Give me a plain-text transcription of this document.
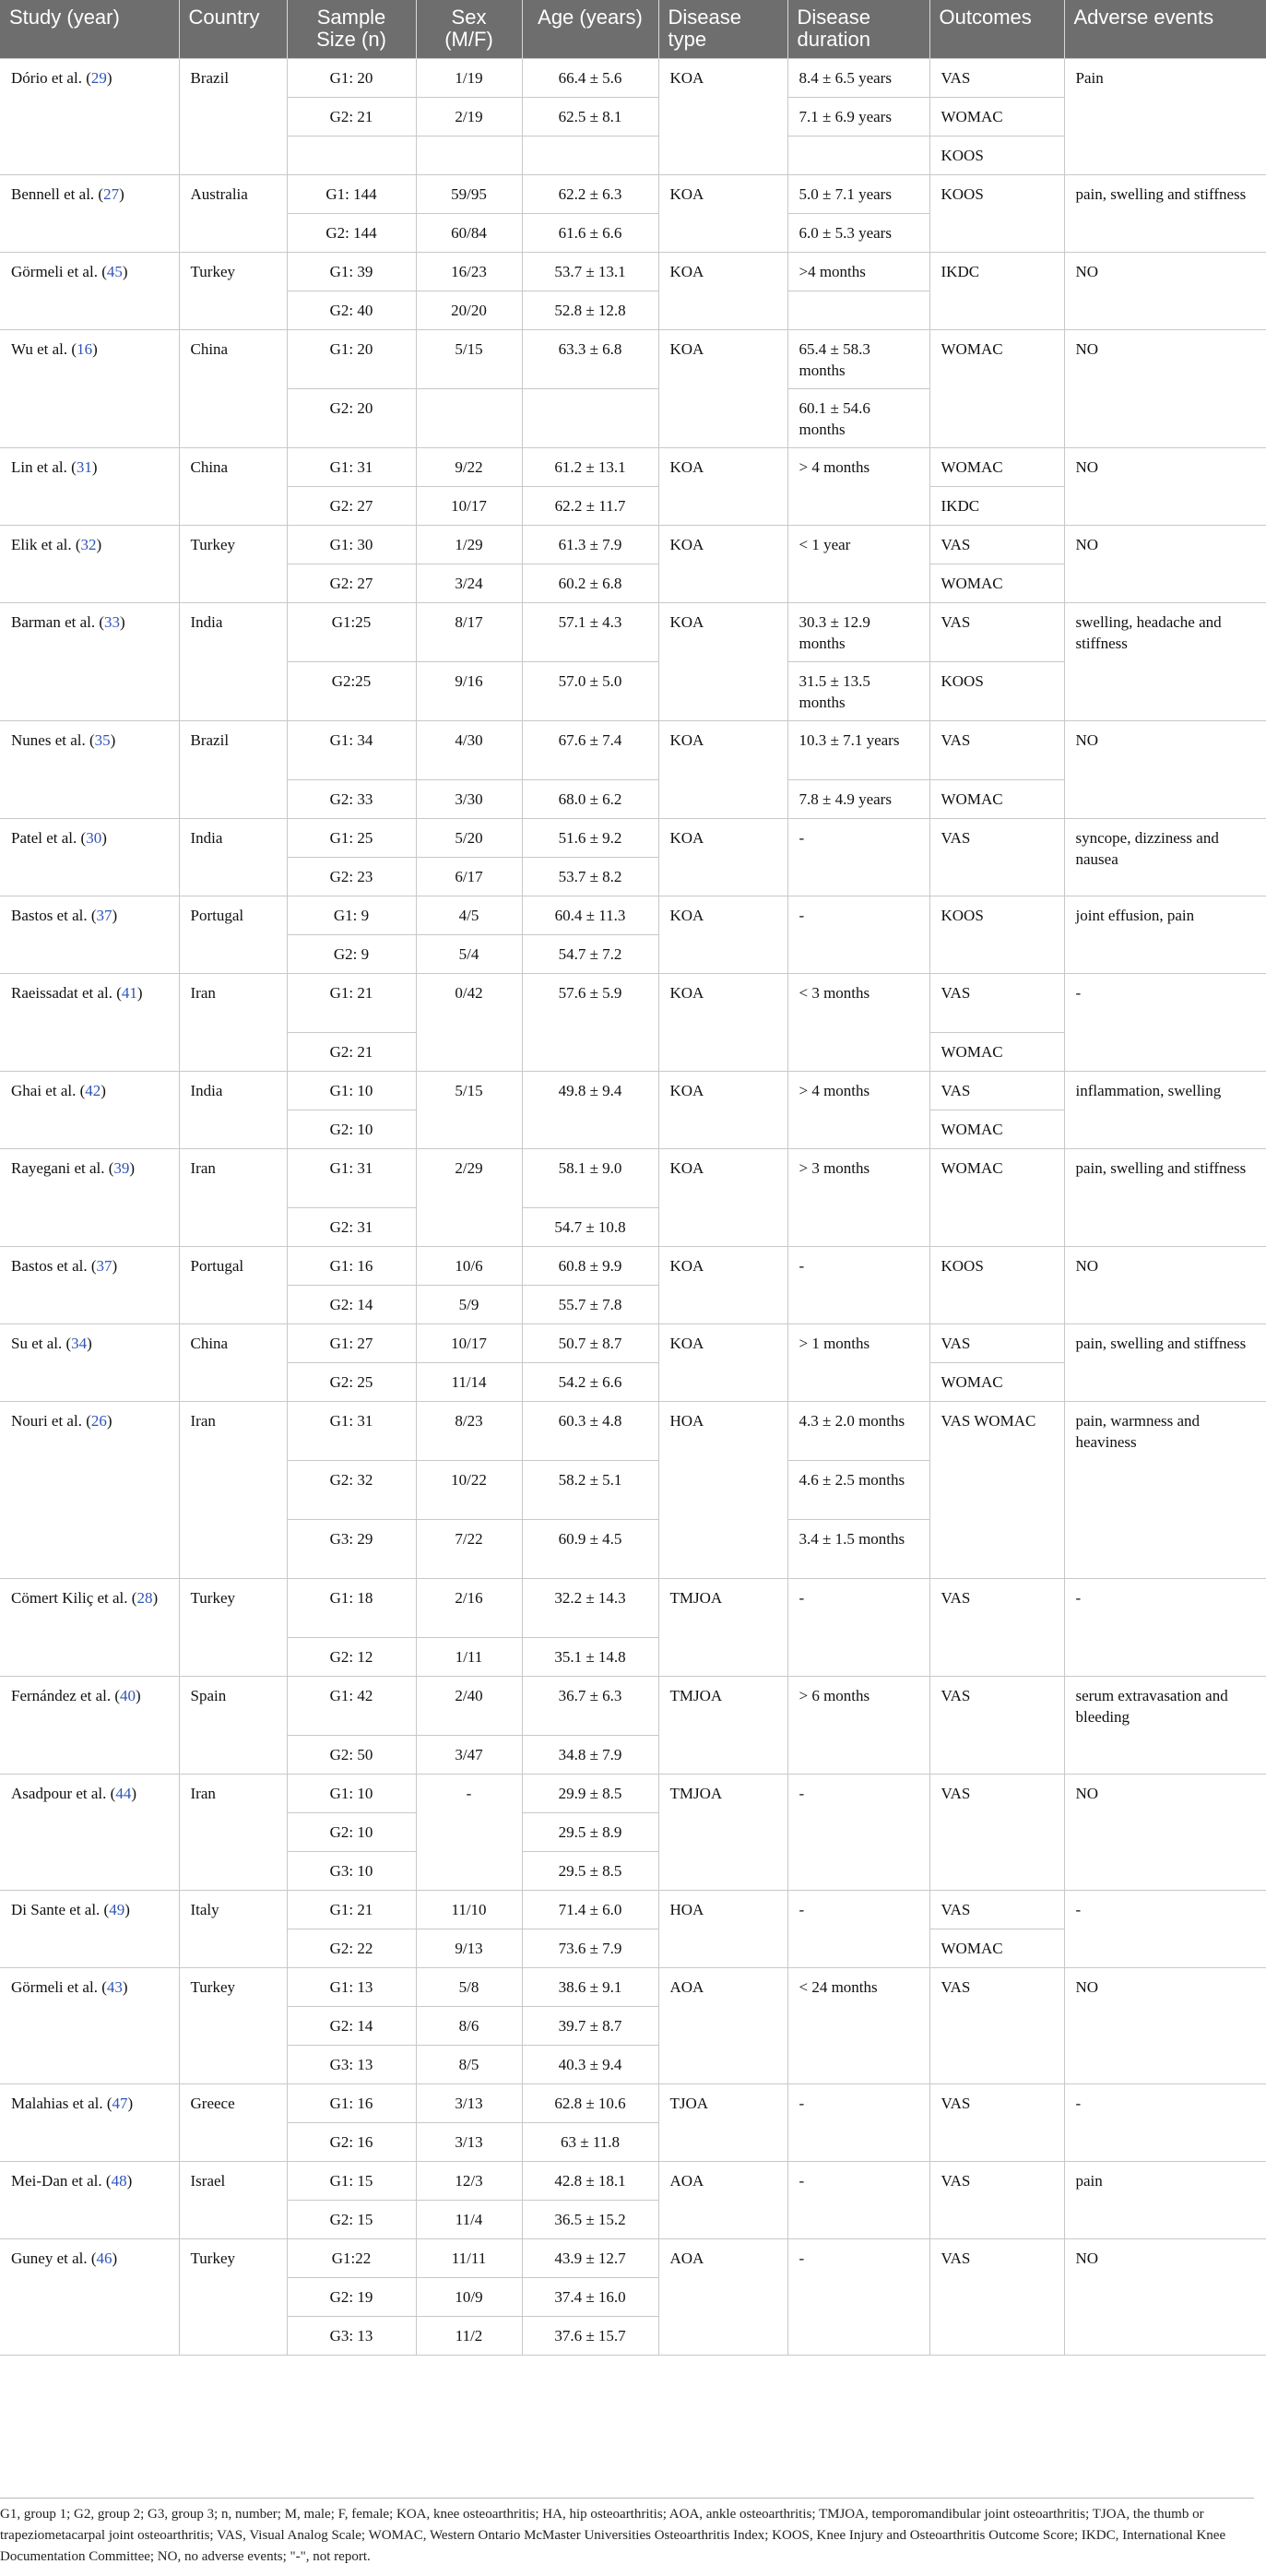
Study (year)	Country	Sample Size (n)	Sex (M/F)	Age (years)	Disease type	Disease duration	Outcomes	Adverse events
Dório et al. (29)	Brazil	G1: 20	1/19	66.4 ± 5.6	KOA	8.4 ± 6.5 years	VAS	Pain
		G2: 21	2/19	62.5 ± 8.1		7.1 ± 6.9 years	WOMAC	
							KOOS	
Bennell et al. (27)	Australia	G1: 144	59/95	62.2 ± 6.3	KOA	5.0 ± 7.1 years	KOOS	pain, swelling and stiffness
		G2: 144	60/84	61.6 ± 6.6		6.0 ± 5.3 years		
Görmeli et al. (45)	Turkey	G1: 39	16/23	53.7 ± 13.1	KOA	>4 months	IKDC	NO
		G2: 40	20/20	52.8 ± 12.8				
Wu et al. (16)	China	G1: 20	5/15	63.3 ± 6.8	KOA	65.4 ± 58.3 months	WOMAC	NO
		G2: 20				60.1 ± 54.6 months		
Lin et al. (31)	China	G1: 31	9/22	61.2 ± 13.1	KOA	> 4 months	WOMAC	NO
		G2: 27	10/17	62.2 ± 11.7			IKDC	
Elik et al. (32)	Turkey	G1: 30	1/29	61.3 ± 7.9	KOA	< 1 year	VAS	NO
		G2: 27	3/24	60.2 ± 6.8			WOMAC	
Barman et al. (33)	India	G1:25	8/17	57.1 ± 4.3	KOA	30.3 ± 12.9 months	VAS	swelling, headache and stiffness
		G2:25	9/16	57.0 ± 5.0		31.5 ± 13.5 months	KOOS	
Nunes et al. (35)	Brazil	G1: 34	4/30	67.6 ± 7.4	KOA	10.3 ± 7.1 years	VAS	NO
		G2: 33	3/30	68.0 ± 6.2		7.8 ± 4.9 years	WOMAC	
Patel et al. (30)	India	G1: 25	5/20	51.6 ± 9.2	KOA	-	VAS	syncope, dizziness and nausea
		G2: 23	6/17	53.7 ± 8.2				
Bastos et al. (37)	Portugal	G1: 9	4/5	60.4 ± 11.3	KOA	-	KOOS	joint effusion, pain
		G2: 9	5/4	54.7 ± 7.2				
Raeissadat et al. (41)	Iran	G1: 21	0/42	57.6 ± 5.9	KOA	< 3 months	VAS	-
		G2: 21					WOMAC	
Ghai et al. (42)	India	G1: 10	5/15	49.8 ± 9.4	KOA	> 4 months	VAS	inflammation, swelling
		G2: 10					WOMAC	
Rayegani et al. (39)	Iran	G1: 31	2/29	58.1 ± 9.0	KOA	> 3 months	WOMAC	pain, swelling and stiffness
		G2: 31		54.7 ± 10.8				
Bastos et al. (37)	Portugal	G1: 16	10/6	60.8 ± 9.9	KOA	-	KOOS	NO
		G2: 14	5/9	55.7 ± 7.8				
Su et al. (34)	China	G1: 27	10/17	50.7 ± 8.7	KOA	> 1 months	VAS	pain, swelling and stiffness
		G2: 25	11/14	54.2 ± 6.6			WOMAC	
Nouri et al. (26)	Iran	G1: 31	8/23	60.3 ± 4.8	HOA	4.3 ± 2.0 months	VAS WOMAC	pain, warmness and heaviness
		G2: 32	10/22	58.2 ± 5.1		4.6 ± 2.5 months		
		G3: 29	7/22	60.9 ± 4.5		3.4 ± 1.5 months		
Cömert Kiliç et al. (28)	Turkey	G1: 18	2/16	32.2 ± 14.3	TMJOA	-	VAS	-
		G2: 12	1/11	35.1 ± 14.8				
Fernández et al. (40)	Spain	G1: 42	2/40	36.7 ± 6.3	TMJOA	> 6 months	VAS	serum extravasation and bleeding
		G2: 50	3/47	34.8 ± 7.9				
Asadpour et al. (44)	Iran	G1: 10	-	29.9 ± 8.5	TMJOA	-	VAS	NO
		G2: 10		29.5 ± 8.9				
		G3: 10		29.5 ± 8.5				
Di Sante et al. (49)	Italy	G1: 21	11/10	71.4 ± 6.0	HOA	-	VAS	-
		G2: 22	9/13	73.6 ± 7.9			WOMAC	
Görmeli et al. (43)	Turkey	G1: 13	5/8	38.6 ± 9.1	AOA	< 24 months	VAS	NO
		G2: 14	8/6	39.7 ± 8.7				
		G3: 13	8/5	40.3 ± 9.4				
Malahias et al. (47)	Greece	G1: 16	3/13	62.8 ± 10.6	TJOA	-	VAS	-
		G2: 16	3/13	63 ± 11.8				
Mei-Dan et al. (48)	Israel	G1: 15	12/3	42.8 ± 18.1	AOA	-	VAS	pain
		G2: 15	11/4	36.5 ± 15.2				
Guney et al. (46)	Turkey	G1:22	11/11	43.9 ± 12.7	AOA	-	VAS	NO
		G2: 19	10/9	37.4 ± 16.0				
		G3: 13	11/2	37.6 ± 15.7				
G1, group 1; G2, group 2; G3, group 3; n, number; M, male; F, female; KOA, knee osteoarthritis; HA, hip osteoarthritis; AOA, ankle osteoarthritis; TMJOA, temporomandibular joint osteoarthritis; TJOA, the thumb or trapeziometacarpal joint osteoarthritis; VAS, Visual Analog Scale; WOMAC, Western Ontario McMaster Universities Osteoarthritis Index; KOOS, Knee Injury and Osteoarthritis Outcome Score; IKDC, International Knee Documentation Committee; NO, no adverse events; "-", not report.
